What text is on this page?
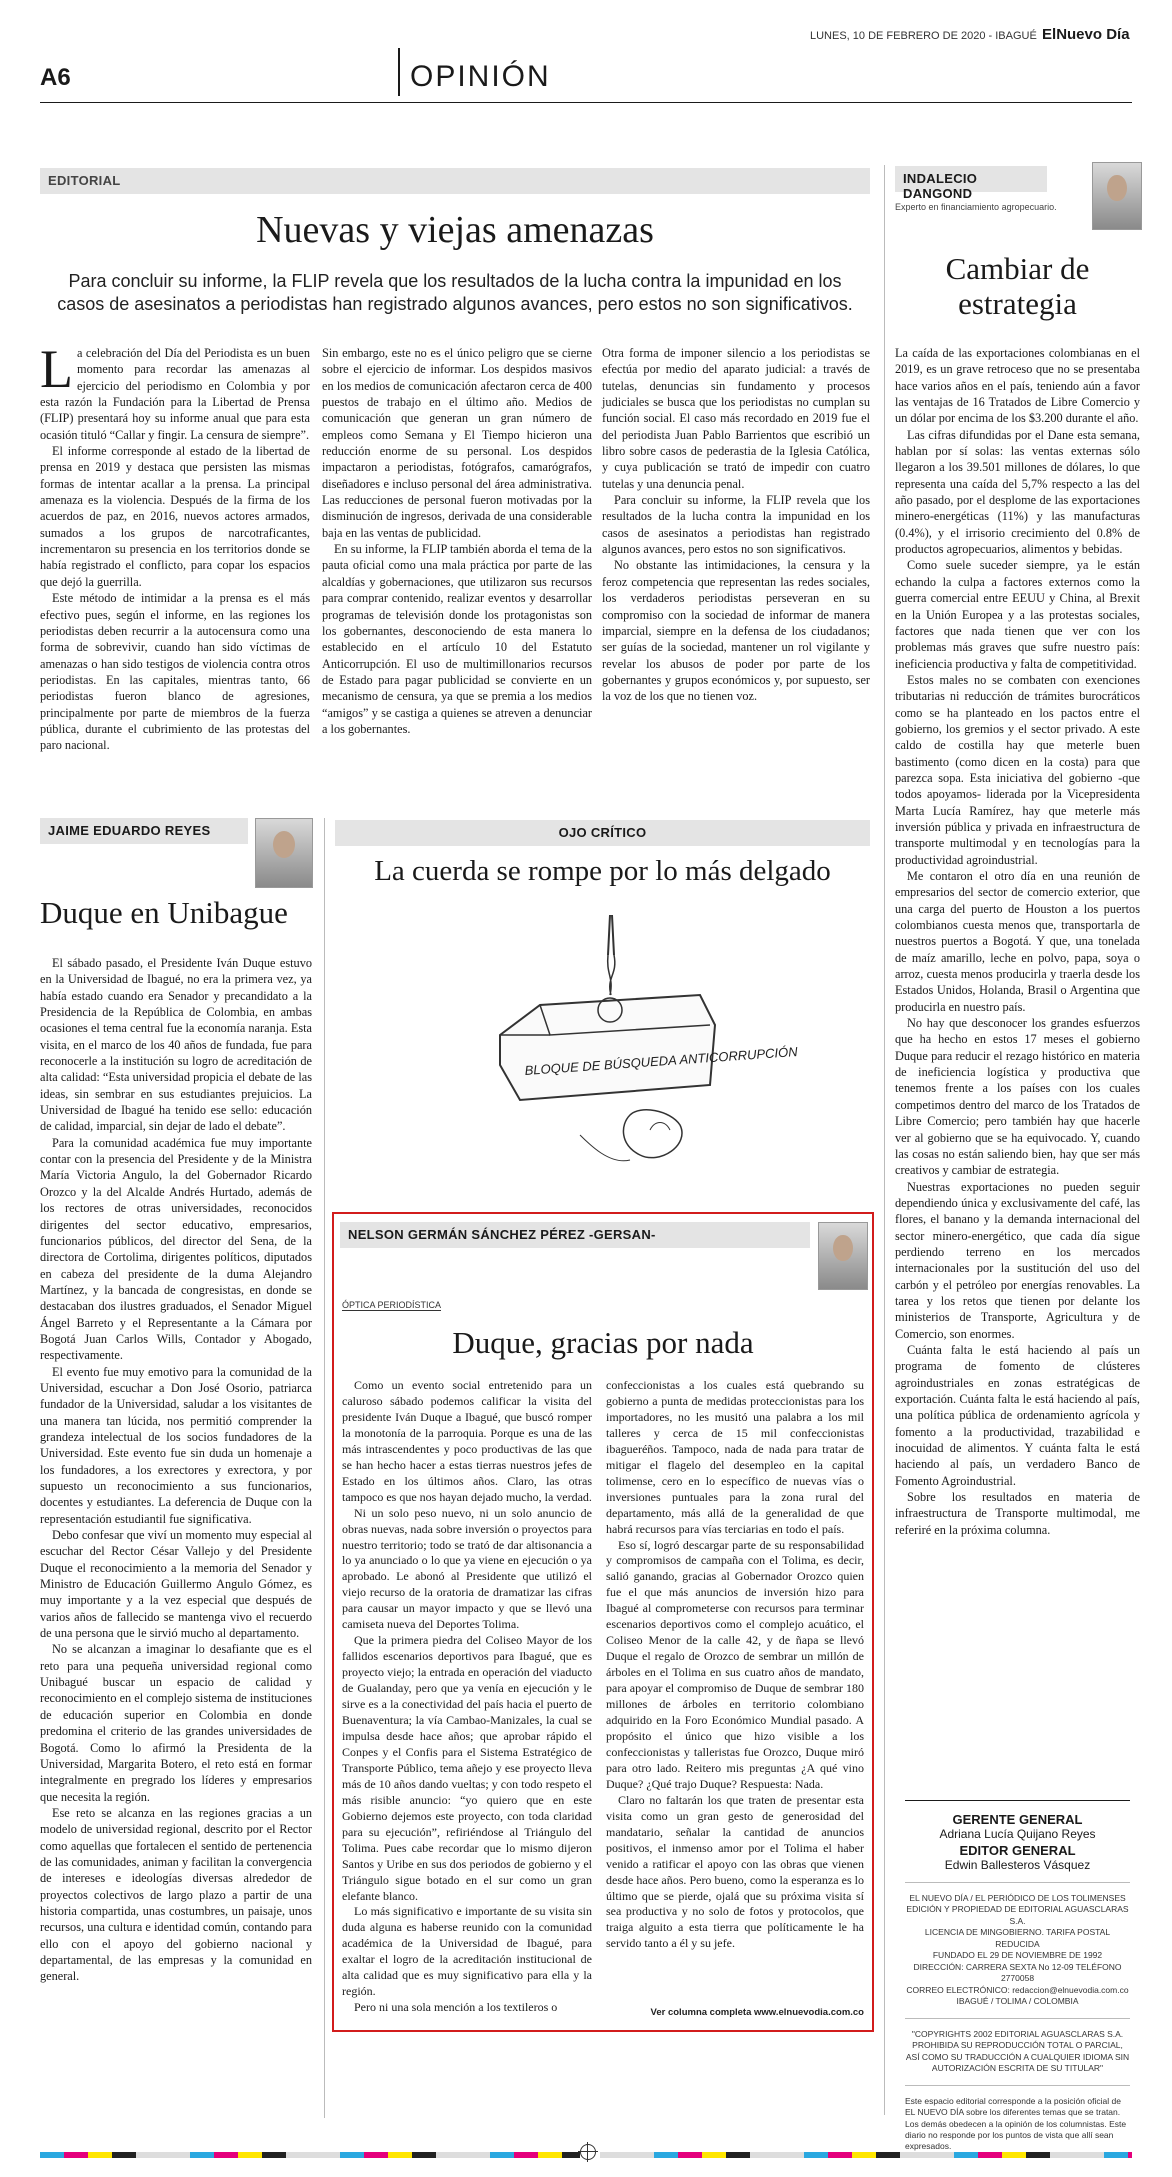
LUNES, 10 DE FEBRERO DE 2020 - IBAGUÉ ElNuevo Día
A6	OPINIÓN
EDITORIAL
Nuevas y viejas amenazas
Para concluir su informe, la FLIP revela que los resultados de la lucha contra la impunidad en los casos de asesinatos a periodistas han registrado algunos avances, pero estos no son significativos.
L a celebración del Día del Periodista es un buen momento para recordar las amenazas al ejercicio del periodismo en Colombia y por esta razón la Fundación para la Libertad de Prensa (FLIP) presentará hoy su informe anual que para esta ocasión tituló “Callar y fingir. La censura de siempre”.

El informe corresponde al estado de la libertad de prensa en 2019 y destaca que persisten las mismas formas de intentar acallar a la prensa. La principal amenaza es la violencia. Después de la firma de los acuerdos de paz, en 2016, nuevos actores armados, sumados a los grupos de narcotraficantes, incrementaron su presencia en los territorios donde se había registrado el conflicto, para copar los espacios que dejó la guerrilla.

Este método de intimidar a la prensa es el más efectivo pues, según el informe, en las regiones los periodistas deben recurrir a la autocensura como una forma de sobrevivir, cuando han sido víctimas de amenazas o han sido testigos de violencia contra otros periodistas. En las capitales, mientras tanto, 66 periodistas fueron blanco de agresiones, principalmente por parte de miembros de la fuerza pública, durante el cubrimiento de las protestas del paro nacional.

Sin embargo, este no es el único peligro que se cierne sobre el ejercicio de informar. Los despidos masivos en los medios de comunicación afectaron cerca de 400 puestos de trabajo en el último año. Medios de comunicación que generan un gran número de empleos como Semana y El Tiempo hicieron una reducción enorme de su personal. Los despidos impactaron a periodistas, fotógrafos, camarógrafos, diseñadores e incluso personal del área administrativa. Las reducciones de personal fueron motivadas por la disminución de ingresos, derivada de una considerable baja en las ventas de publicidad.

En su informe, la FLIP también aborda el tema de la pauta oficial como una mala práctica por parte de las alcaldías y gobernaciones, que utilizaron sus recursos para comprar contenido, realizar eventos y desarrollar programas de televisión donde los protagonistas son los gobernantes, desconociendo de esta manera lo establecido en el artículo 10 del Estatuto Anticorrupción. El uso de multimillonarios recursos de Estado para pagar publicidad se convierte en un mecanismo de censura, ya que se premia a los medios “amigos” y se castiga a quienes se atreven a denunciar a los gobernantes.

Otra forma de imponer silencio a los periodistas se efectúa por medio del aparato judicial: a través de tutelas, denuncias sin fundamento y procesos judiciales se busca que los periodistas no cumplan su función social. El caso más recordado en 2019 fue el del periodista Juan Pablo Barrientos que escribió un libro sobre casos de pederastia de la Iglesia Católica, y cuya publicación se trató de impedir con cuatro tutelas y una denuncia penal.

Para concluir su informe, la FLIP revela que los resultados de la lucha contra la impunidad en los casos de asesinatos a periodistas han registrado algunos avances, pero estos no son significativos.

No obstante las intimidaciones, la censura y la feroz competencia que representan las redes sociales, los verdaderos periodistas perseveran en su compromiso con la sociedad de informar de manera imparcial, siempre en la defensa de los ciudadanos; ser guías de la sociedad, mantener un rol vigilante y revelar los abusos de poder por parte de los gobernantes y grupos económicos y, por supuesto, ser la voz de los que no tienen voz.

INDALECIO DANGOND
Experto en financiamiento agropecuario.
Cambiar de estrategia

La caída de las exportaciones colombianas en el 2019, es un grave retroceso que no se presentaba hace varios años en el país, teniendo aún a favor las ventajas de 16 Tratados de Libre Comercio y un dólar por encima de los $3.200 durante el año.

Las cifras difundidas por el Dane esta semana, hablan por sí solas: las ventas externas sólo llegaron a los 39.501 millones de dólares, lo que representa una caída del 5,7% respecto a las del año pasado, por el desplome de las exportaciones minero-energéticas (11%) y las manufacturas (0.4%), y el irrisorio crecimiento del 0.8% de productos agropecuarios, alimentos y bebidas.

Como suele suceder siempre, ya le están echando la culpa a factores externos como la guerra comercial entre EEUU y China, al Brexit en la Unión Europea y a las protestas sociales, factores que nada tienen que ver con los problemas más graves que sufre nuestro país: ineficiencia productiva y falta de competitividad.

Estos males no se combaten con exenciones tributarias ni reducción de trámites burocráticos como se ha planteado en los pactos entre el gobierno, los gremios y el sector privado. A este caldo de costilla hay que meterle buen bastimento (como dicen en la costa) para que parezca sopa. Esta iniciativa del gobierno -que todos apoyamos- liderada por la Vicepresidenta Marta Lucía Ramírez, hay que meterle más inversión pública y privada en infraestructura de transporte multimodal y en tecnologías para la productividad agroindustrial.

Me contaron el otro día en una reunión de empresarios del sector de comercio exterior, que una carga del puerto de Houston a los puertos colombianos cuesta menos que, transportarla de nuestros puertos a Bogotá. Y que, una tonelada de maíz amarillo, leche en polvo, papa, soya o arroz, cuesta menos producirla y traerla desde los Estados Unidos, Holanda, Brasil o Argentina que producirla en nuestro país.

No hay que desconocer los grandes esfuerzos que ha hecho en estos 17 meses el gobierno Duque para reducir el rezago histórico en materia de ineficiencia logística y productiva que tenemos frente a los países con los cuales competimos dentro del marco de los Tratados de Libre Comercio; pero también hay que hacerle ver al gobierno que se ha equivocado. Y, cuando las cosas no están saliendo bien, hay que ser más creativos y cambiar de estrategia.

Nuestras exportaciones no pueden seguir dependiendo única y exclusivamente del café, las flores, el banano y la demanda internacional del sector minero-energético, que cada día sigue perdiendo terreno en los mercados internacionales por la sustitución del uso del carbón y el petróleo por energías renovables. La tarea y los retos que tienen por delante los ministerios de Transporte, Agricultura y de Comercio, son enormes.

Cuánta falta le está haciendo al país un programa de fomento de clústeres agroindustriales en zonas estratégicas de exportación. Cuánta falta le está haciendo al país, una política pública de ordenamiento agrícola y fomento a la productividad, trazabilidad e inocuidad de alimentos. Y cuánta falta le está haciendo al país, un verdadero Banco de Fomento Agroindustrial.

Sobre los resultados en materia de infraestructura de Transporte multimodal, me referiré en la próxima columna.

GERENTE GENERAL
Adriana Lucía Quijano Reyes
EDITOR GENERAL
Edwin Ballesteros Vásquez
EL NUEVO DÍA / EL PERIÓDICO DE LOS TOLIMENSES
EDICIÓN Y PROPIEDAD DE EDITORIAL AGUASCLARAS S.A.
LICENCIA DE MINGOBIERNO. TARIFA POSTAL REDUCIDA
FUNDADO EL 29 DE NOVIEMBRE DE 1992
DIRECCIÓN: CARRERA SEXTA No 12-09 TELÉFONO 2770058
CORREO ELECTRÓNICO: redaccion@elnuevodia.com.co
IBAGUÉ / TOLIMA / COLOMBIA
"COPYRIGHTS 2002 EDITORIAL AGUASCLARAS S.A. PROHIBIDA SU REPRODUCCIÓN TOTAL O PARCIAL, ASÍ COMO SU TRADUCCIÓN A CUALQUIER IDIOMA SIN AUTORIZACIÓN ESCRITA DE SU TITULAR"
Este espacio editorial corresponde a la posición oficial de EL NUEVO DÍA sobre los diferentes temas que se tratan. Los demás obedecen a la opinión de los columnistas. Este diario no responde por los puntos de vista que allí sean expresados.
JAIME EDUARDO REYES
Duque en Unibague

El sábado pasado, el Presidente Iván Duque estuvo en la Universidad de Ibagué, no era la primera vez, ya había estado cuando era Senador y precandidato a la Presidencia de la República de Colombia, en ambas ocasiones el tema central fue la economía naranja. Esta visita, en el marco de los 40 años de fundada, fue para reconocerle a la institución su logro de acreditación de alta calidad: “Esta universidad propicia el debate de las ideas, sin sembrar en sus estudiantes prejuicios. La Universidad de Ibagué ha tenido ese sello: educación de calidad, imparcial, sin dejar de lado el debate”.

Para la comunidad académica fue muy importante contar con la presencia del Presidente y de la Ministra María Victoria Angulo, la del Gobernador Ricardo Orozco y la del Alcalde Andrés Hurtado, además de los rectores de otras universidades, reconocidos dirigentes del sector educativo, empresarios, funcionarios públicos, del director del Sena, de la directora de Cortolima, dirigentes políticos, diputados en cabeza del presidente de la duma Alejandro Martínez, y la bancada de congresistas, en donde se destacaban dos ilustres graduados, el Senador Miguel Ángel Barreto y el Representante a la Cámara por Bogotá Juan Carlos Wills, Contador y Abogado, respectivamente.

El evento fue muy emotivo para la comunidad de la Universidad, escuchar a Don José Osorio, patriarca fundador de la Universidad, saludar a los visitantes de una manera tan lúcida, nos permitió comprender la grandeza intelectual de los socios fundadores de la Universidad. Este evento fue sin duda un homenaje a los fundadores, a los exrectores y exrectora, y por supuesto un reconocimiento a sus funcionarios, docentes y estudiantes. La deferencia de Duque con la representación estudiantil fue significativa.

Debo confesar que viví un momento muy especial al escuchar del Rector César Vallejo y del Presidente Duque el reconocimiento a la memoria del Senador y Ministro de Educación Guillermo Angulo Gómez, es muy importante y a la vez especial que después de varios años de fallecido se mantenga vivo el recuerdo de una persona que le sirvió mucho al departamento.

No se alcanzan a imaginar lo desafiante que es el reto para una pequeña universidad regional como Unibagué buscar un espacio de calidad y reconocimiento en el complejo sistema de instituciones de educación superior en Colombia en donde predomina el criterio de las grandes universidades de Bogotá. Como lo afirmó la Presidenta de la Universidad, Margarita Botero, el reto está en formar integralmente en pregrado los líderes y empresarios que necesita la región.

Ese reto se alcanza en las regiones gracias a un modelo de universidad regional, descrito por el Rector como aquellas que fortalecen el sentido de pertenencia de las comunidades, animan y facilitan la convergencia de intereses e ideologías diversas alrededor de proyectos colectivos de largo plazo a partir de una historia compartida, unas costumbres, un paisaje, unos recursos, una cultura e identidad común, contando para ello con el apoyo del gobierno nacional y departamental, de las empresas y la comunidad en general.

OJO CRÍTICO
La cuerda se rompe por lo más delgado
BLOQUE DE BÚSQUEDA ANTICORRUPCIÓN
NELSON GERMÁN SÁNCHEZ PÉREZ -GERSAN-
ÓPTICA PERIODÍSTICA
Duque, gracias por nada

Como un evento social entretenido para un caluroso sábado podemos calificar la visita del presidente Iván Duque a Ibagué, que buscó romper la monotonía de la parroquia. Porque es una de las más intrascendentes y poco productivas de las que se han hecho hacer a estas tierras nuestros jefes de Estado en los últimos años. Claro, las otras tampoco es que nos hayan dejado mucho, la verdad.

Ni un solo peso nuevo, ni un solo anuncio de obras nuevas, nada sobre inversión o proyectos para nuestro territorio; todo se trató de dar altisonancia a lo ya anunciado o lo que ya viene en ejecución o ya aprobado. Le abonó al Presidente que utilizó el viejo recurso de la oratoria de dramatizar las cifras para causar un mayor impacto y que se llevó una camiseta nueva del Deportes Tolima.

Que la primera piedra del Coliseo Mayor de los fallidos escenarios deportivos para Ibagué, que es proyecto viejo; la entrada en operación del viaducto de Gualanday, pero que ya venía en ejecución y le sirve es a la conectividad del país hacia el puerto de Buenaventura; la vía Cambao-Manizales, la cual se impulsa desde hace años; que aprobar rápido el Conpes y el Confis para el Sistema Estratégico de Transporte Público, tema añejo y ese proyecto lleva más de 10 años dando vueltas; y con todo respeto el más risible anuncio: “yo quiero que en este Gobierno dejemos este proyecto, con toda claridad para su ejecución”, refiriéndose al Triángulo del Tolima. Pues cabe recordar que lo mismo dijeron Santos y Uribe en sus dos periodos de gobierno y el Triángulo sigue botado en el sur como un gran elefante blanco.

Lo más significativo e importante de su visita sin duda alguna es haberse reunido con la comunidad académica de la Universidad de Ibagué, para exaltar el logro de la acreditación institucional de alta calidad que es muy significativo para ella y la región.

Pero ni una sola mención a los textileros o

confeccionistas a los cuales está quebrando su gobierno a punta de medidas proteccionistas para los importadores, no les musitó una palabra a los mil talleres y cerca de 15 mil confeccionistas ibagueréños. Tampoco, nada de nada para tratar de mitigar el flagelo del desempleo en la capital tolimense, cero en lo específico de nuevas vías o inversiones puntuales para la zona rural del departamento, más allá de la generalidad de que habrá recursos para vías terciarias en todo el país.

Eso sí, logró descargar parte de su responsabilidad y compromisos de campaña con el Tolima, es decir, salió ganando, gracias al Gobernador Orozco quien fue el que más anuncios de inversión hizo para Ibagué al comprometerse con recursos para terminar escenarios deportivos como el complejo acuático, el Coliseo Menor de la calle 42, y de ñapa se llevó Duque el regalo de Orozco de sembrar un millón de árboles en el Tolima en sus cuatro años de mandato, para apoyar el compromiso de Duque de sembrar 180 millones de árboles en territorio colombiano adquirido en la Foro Económico Mundial pasado. A propósito el único que hizo visible a los confeccionistas y talleristas fue Orozco, Duque miró para otro lado. Reitero mis preguntas ¿A qué vino Duque? ¿Qué trajo Duque? Respuesta: Nada.

Claro no faltarán los que traten de presentar esta visita como un gran gesto de generosidad del mandatario, señalar la cantidad de anuncios positivos, el inmenso amor por el Tolima el haber venido a ratificar el apoyo con las obras que vienen desde hace años. Pero bueno, como la esperanza es lo último que se pierde, ojalá que su próxima visita sí sea productiva y no solo de fotos y protocolos, que traiga alguito a esta tierra que políticamente le ha servido tanto a él y su jefe.

Ver columna completa www.elnuevodia.com.co
